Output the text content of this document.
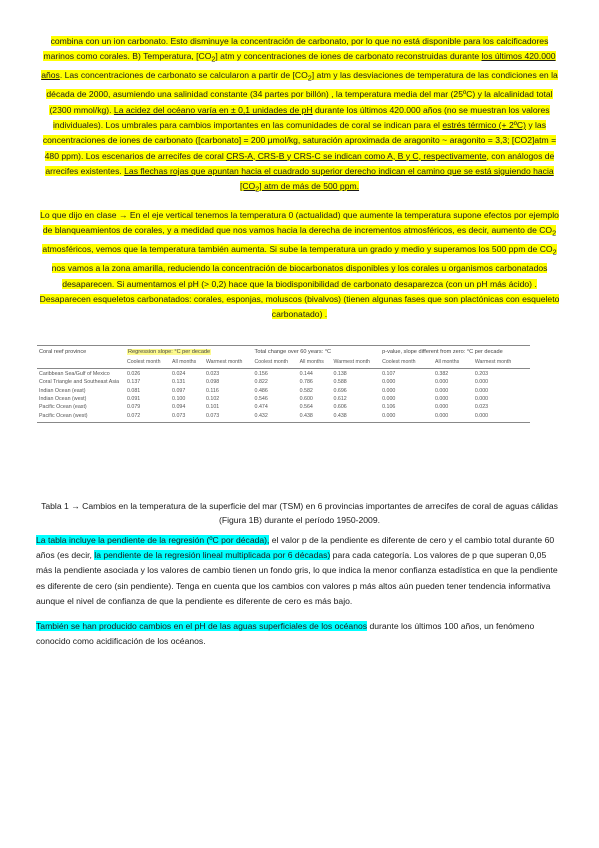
combina con un ion carbonato. Esto disminuye la concentración de carbonato, por lo que no está disponible para los calcificadores marinos como corales. B) Temperatura, $[CO_2]$ atm y concentraciones de iones de carbonato reconstruidas durante los últimos 420.000 años. Las concentraciones de carbonato se calcularon a partir de $[CO_2]$ atm y las desviaciones de temperatura de las condiciones en la década de 2000, asumiendo una salinidad constante (34 partes por billón) , la temperatura media del mar (25ºC) y la alcalinidad total (2300 mmol/kg). La acidez del océano varía en ± 0,1 unidades de pH durante los últimos 420.000 años (no se muestran los valores individuales). Los umbrales para cambios importantes en las comunidades de coral se indican para el estrés térmico (+ 2ºC) y las concentraciones de iones de carbonato ([carbonato] = 200 μmol/kg, saturación aproximada de aragonito ~ aragonito = 3,3; [CO2]atm = 480 ppm). Los escenarios de arrecifes de coral CRS-A, CRS-B y CRS-C se indican como A, B y C, respectivamente, con análogos de arrecifes existentes. Las flechas rojas que apuntan hacia el cuadrado superior derecho indican el camino que se está siguiendo hacia $[CO_2]$ atm de más de 500 ppm.

Lo que dijo en clase → En el eje vertical tenemos la temperatura 0 (actualidad) que aumente la temperatura supone efectos por ejemplo de blanqueamientos de corales, y a medidad que nos vamos hacia la derecha de incrementos atmosféricos, es decir, aumento de $CO_2$ atmosféricos, vemos que la temperatura también aumenta. Si sube la temperatura un grado y medio y superamos los 500 ppm de $CO_2$ nos vamos a la zona amarilla, reduciendo la concentración de biocarbonatos disponibles y los corales u organismos carbonatados desaparecen. Si aumentamos el pH (> 0,2) hace que la biodisponibilidad de carbonato desaparezca (con un pH más ácido) . Desaparecen esqueletos carbonatados: corales, esponjas, moluscos (bivalvos) (tienen algunas fases que son plactónicas con esqueleto carbonatado) .

Coral reef province	Regression slope: °C per decade			Total change over 60 years: °C			p-value, slope different from zero: °C per decade		
	Coolest month	All months	Warmest month	Coolest month	All months	Warmest month	Coolest month	All months	Warmest month
Caribbean Sea/Gulf of Mexico	0.026	0.024	0.023	0.156	0.144	0.138	0.107	0.382	0.203
Coral Triangle and Southeast Asia	0.137	0.131	0.098	0.822	0.786	0.588	0.000	0.000	0.000
Indian Ocean (east)	0.081	0.097	0.116	0.486	0.582	0.696	0.000	0.000	0.000
Indian Ocean (west)	0.091	0.100	0.102	0.546	0.600	0.612	0.000	0.000	0.000
Pacific Ocean (east)	0.079	0.094	0.101	0.474	0.564	0.606	0.106	0.000	0.023
Pacific Ocean (west)	0.072	0.073	0.073	0.432	0.438	0.438	0.000	0.000	0.000

Tabla 1 → Cambios en la temperatura de la superficie del mar (TSM) en 6 provincias importantes de arrecifes de coral de aguas cálidas (Figura 1B) durante el período 1950-2009.

La tabla incluye la pendiente de la regresión (ºC por década), el valor p de la pendiente es diferente de cero y el cambio total durante 60 años (es decir, la pendiente de la regresión lineal multiplicada por 6 décadas) para cada categoría. Los valores de p que superan 0,05 más la pendiente asociada y los valores de cambio tienen un fondo gris, lo que indica la menor confianza estadística en que la pendiente es diferente de cero (sin pendiente). Tenga en cuenta que los cambios con valores p más altos aún pueden tener tendencia informativa aunque el nivel de confianza de que la pendiente es diferente de cero es más bajo.

También se han producido cambios en el pH de las aguas superficiales de los océanos durante los últimos 100 años, un fenómeno conocido como acidificación de los océanos.
